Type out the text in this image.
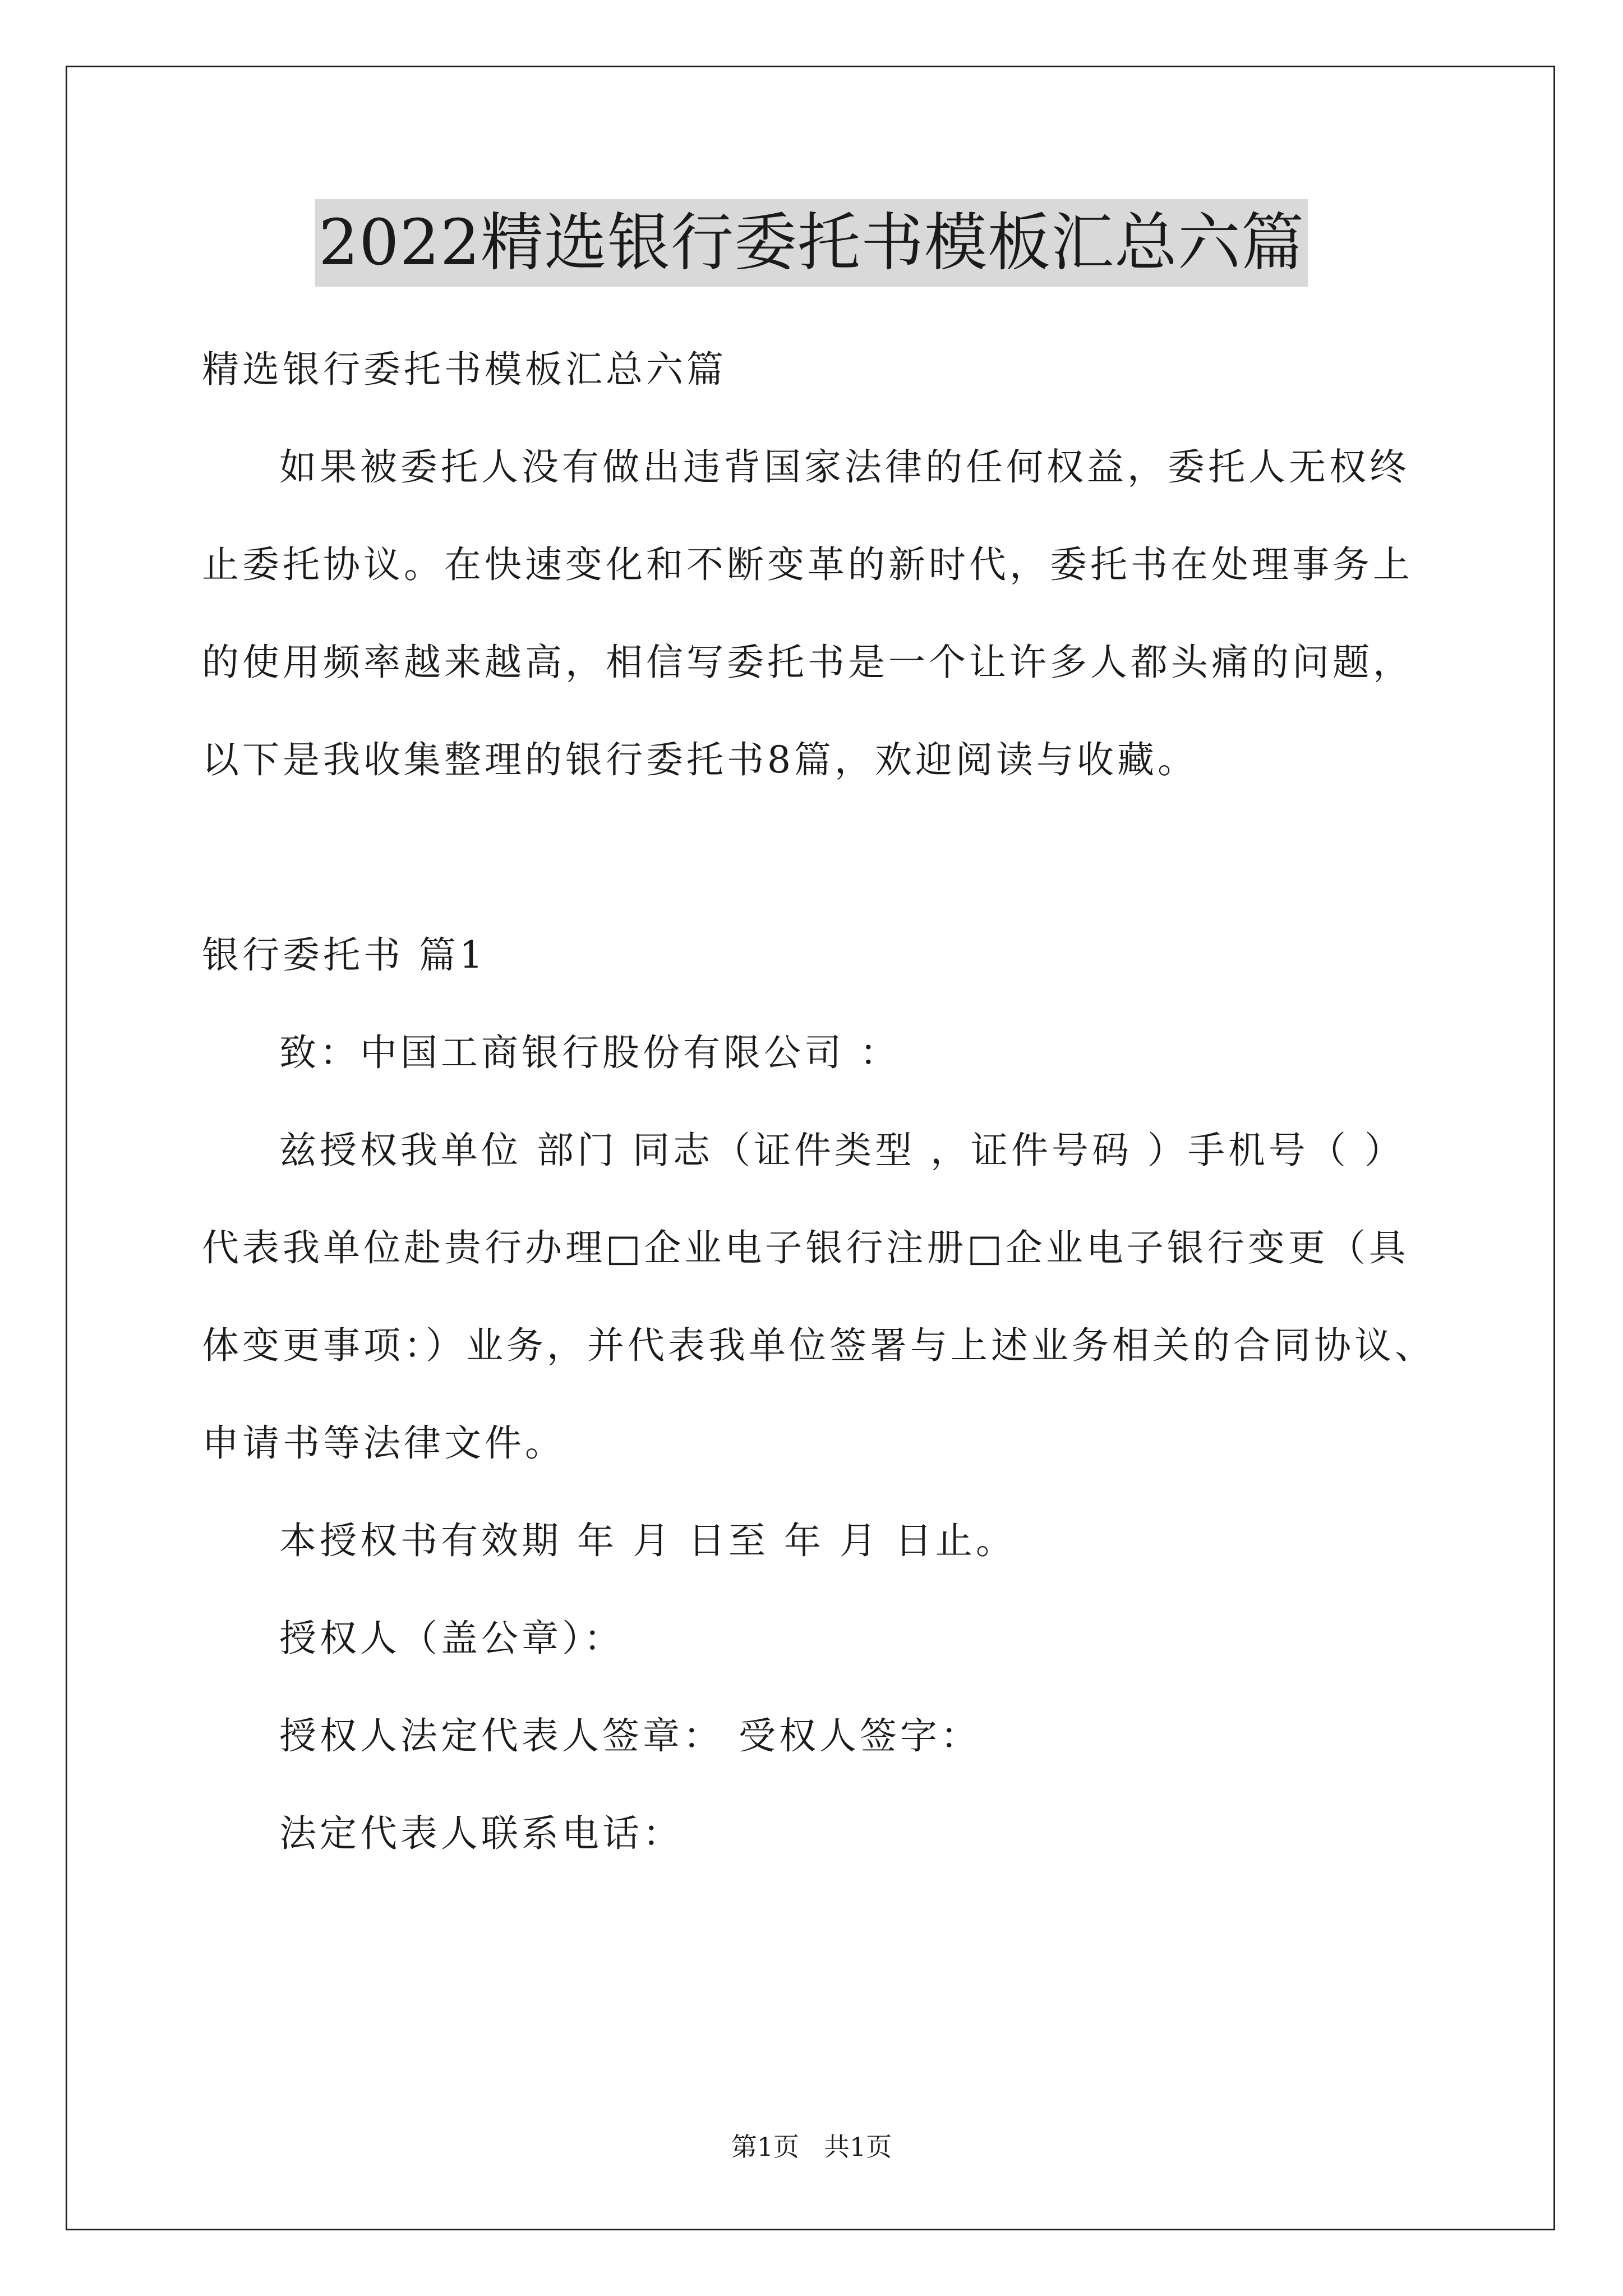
2022精选银行委托书模板汇总六篇
精选银行委托书模板汇总六篇
如果被委托人没有做出违背国家法律的任何权益，委托人无权终
止委托协议。在快速变化和不断变革的新时代，委托书在处理事务上
的使用频率越来越高，相信写委托书是一个让许多人都头痛的问题，
以下是我收集整理的银行委托书8篇，欢迎阅读与收藏。
银行委托书 篇1
致：中国工商银行股份有限公司 ：
兹授权我单位 部门 同志（证件类型 ，证件号码 ）手机号（ ）
代表我单位赴贵行办理□企业电子银行注册□企业电子银行变更（具
体变更事项：）业务，并代表我单位签署与上述业务相关的合同协议、
申请书等法律文件。
本授权书有效期 年 月 日至 年 月 日止。
授权人（盖公章）：
授权人法定代表人签章： 受权人签字：
法定代表人联系电话：
第1页 共1页
